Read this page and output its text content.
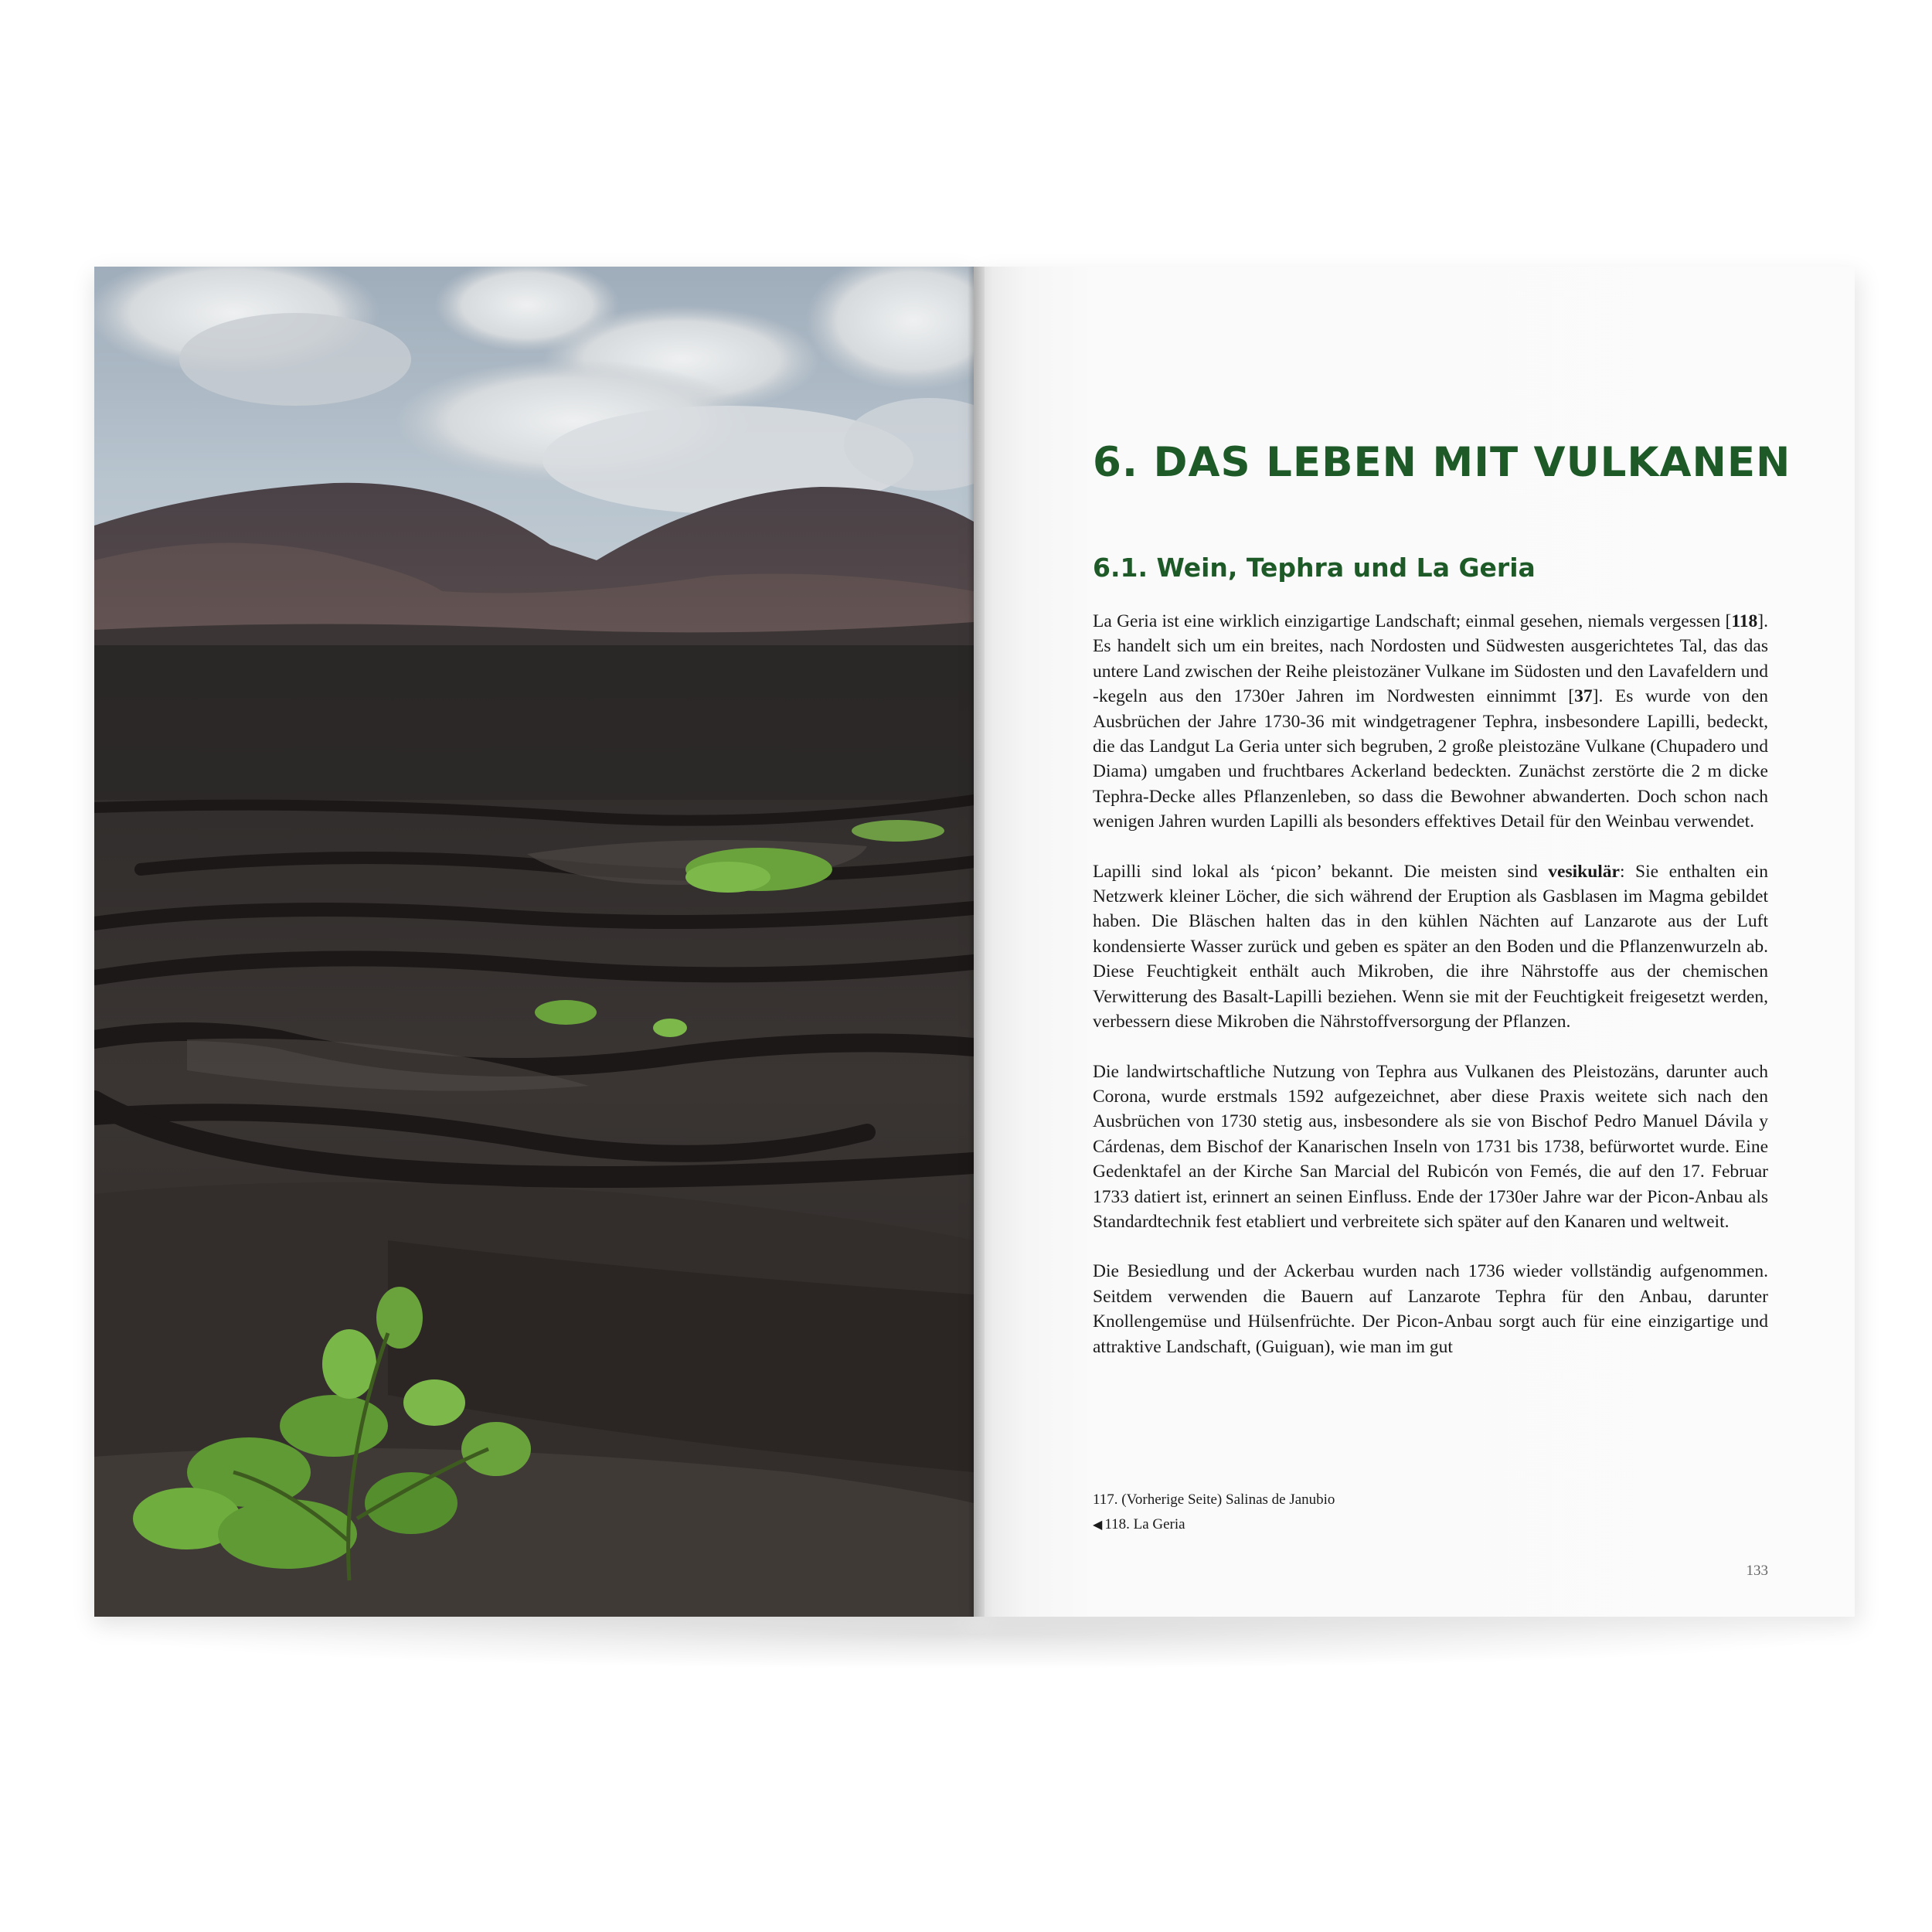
6. DAS LEBEN MIT VULKANEN
6.1. Wein, Tephra und La Geria

La Geria ist eine wirklich einzigartige Landschaft; einmal gesehen, niemals vergessen [118]. Es handelt sich um ein breites, nach Nordosten und Südwesten ausgerichtetes Tal, das das untere Land zwischen der Reihe pleistozäner Vulkane im Südosten und den Lavafeldern und -kegeln aus den 1730er Jahren im Nordwesten einnimmt [37]. Es wurde von den Ausbrüchen der Jahre 1730-36 mit windgetragener Tephra, insbesondere Lapilli, bedeckt, die das Landgut La Geria unter sich begruben, 2 große pleistozäne Vulkane (Chupadero und Diama) umgaben und fruchtbares Ackerland bedeckten. Zunächst zerstörte die 2 m dicke Tephra-Decke alles Pflanzenleben, so dass die Bewohner abwanderten. Doch schon nach wenigen Jahren wurden Lapilli als besonders effektives Detail für den Weinbau verwendet.

Lapilli sind lokal als ‘picon’ bekannt. Die meisten sind vesikulär: Sie enthalten ein Netzwerk kleiner Löcher, die sich während der Eruption als Gasblasen im Magma gebildet haben. Die Bläschen halten das in den kühlen Nächten auf Lanzarote aus der Luft kondensierte Wasser zurück und geben es später an den Boden und die Pflanzenwurzeln ab. Diese Feuchtigkeit enthält auch Mikroben, die ihre Nährstoffe aus der chemischen Verwitterung des Basalt-Lapilli beziehen. Wenn sie mit der Feuchtigkeit freigesetzt werden, verbessern diese Mikroben die Nährstoffversorgung der Pflanzen.

Die landwirtschaftliche Nutzung von Tephra aus Vulkanen des Pleistozäns, darunter auch Corona, wurde erstmals 1592 aufgezeichnet, aber diese Praxis weitete sich nach den Ausbrüchen von 1730 stetig aus, insbesondere als sie von Bischof Pedro Manuel Dávila y Cárdenas, dem Bischof der Kanarischen Inseln von 1731 bis 1738, befürwortet wurde. Eine Gedenktafel an der Kirche San Marcial del Rubicón von Femés, die auf den 17. Februar 1733 datiert ist, erinnert an seinen Einfluss. Ende der 1730er Jahre war der Picon-Anbau als Standardtechnik fest etabliert und verbreitete sich später auf den Kanaren und weltweit.

Die Besiedlung und der Ackerbau wurden nach 1736 wieder vollständig aufgenommen. Seitdem verwenden die Bauern auf Lanzarote Tephra für den Anbau, darunter Knollengemüse und Hülsenfrüchte. Der Picon-Anbau sorgt auch für eine einzigartige und attraktive Landschaft, (Guiguan), wie man im gut

117. (Vorherige Seite) Salinas de Janubio
◀ 118. La Geria
133
